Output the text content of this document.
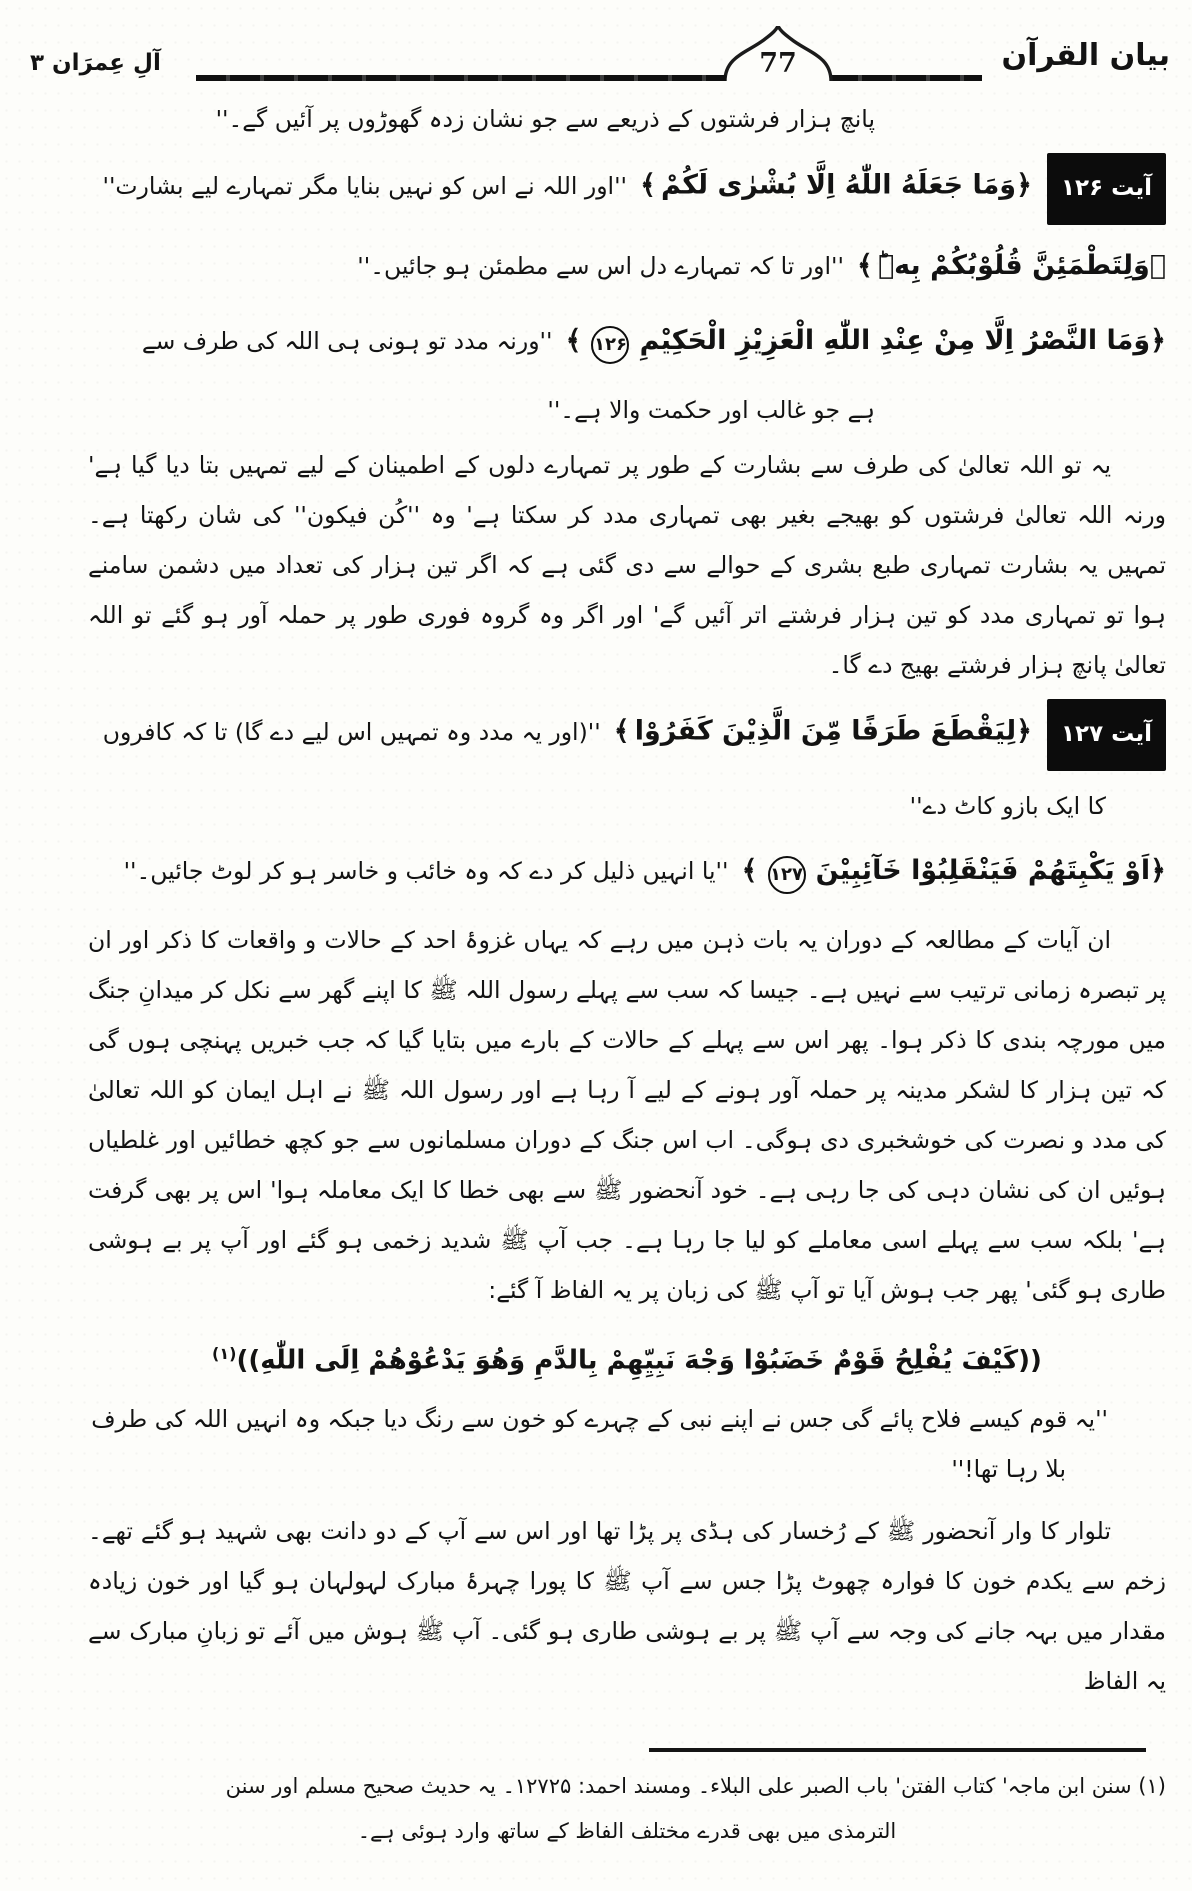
بیان القرآن
77
آلِ عِمرَان ۳
پانچ ہزار فرشتوں کے ذریعے سے جو نشان زدہ گھوڑوں پر آئیں گے۔''
آیت ۱۲۶ ﴿وَمَا جَعَلَهُ اللّٰهُ اِلَّا بُشْرٰی لَكُمْ ﴾ ''اور اللہ نے اس کو نہیں بنایا مگر تمہارے لیے بشارت''
﴿وَلِتَطْمَئِنَّ قُلُوْبُكُمْ بِهٖؕ ﴾ ''اور تا کہ تمہارے دل اس سے مطمئن ہو جائیں۔''
﴿وَمَا النَّصْرُ اِلَّا مِنْ عِنْدِ اللّٰهِ الْعَزِيْزِ الْحَكِيْمِ ۱۲۶ ﴾ ''ورنہ مدد تو ہونی ہی اللہ کی طرف سے
ہے جو غالب اور حکمت والا ہے۔''
یہ تو اللہ تعالیٰ کی طرف سے بشارت کے طور پر تمہارے دلوں کے اطمینان کے لیے تمہیں بتا دیا گیا ہے' ورنہ اللہ تعالیٰ فرشتوں کو بھیجے بغیر بھی تمہاری مدد کر سکتا ہے' وہ ''کُن فیکون'' کی شان رکھتا ہے۔ تمہیں یہ بشارت تمہاری طبع بشری کے حوالے سے دی گئی ہے کہ اگر تین ہزار کی تعداد میں دشمن سامنے ہوا تو تمہاری مدد کو تین ہزار فرشتے اتر آئیں گے' اور اگر وہ گروہ فوری طور پر حملہ آور ہو گئے تو اللہ تعالیٰ پانچ ہزار فرشتے بھیج دے گا۔
آیت ۱۲۷ ﴿لِيَقْطَعَ طَرَفًا مِّنَ الَّذِيْنَ كَفَرُوْا ﴾ ''(اور یہ مدد وہ تمہیں اس لیے دے گا) تا کہ کافروں
کا ایک بازو کاٹ دے''
﴿اَوْ يَكْبِتَهُمْ فَيَنْقَلِبُوْا خَآئِبِيْنَ ۱۲۷ ﴾ ''یا انہیں ذلیل کر دے کہ وہ خائب و خاسر ہو کر لوٹ جائیں۔''
ان آیات کے مطالعہ کے دوران یہ بات ذہن میں رہے کہ یہاں غزوۂ احد کے حالات و واقعات کا ذکر اور ان پر تبصرہ زمانی ترتیب سے نہیں ہے۔ جیسا کہ سب سے پہلے رسول اللہ ﷺ کا اپنے گھر سے نکل کر میدانِ جنگ میں مورچہ بندی کا ذکر ہوا۔ پھر اس سے پہلے کے حالات کے بارے میں بتایا گیا کہ جب خبریں پہنچی ہوں گی کہ تین ہزار کا لشکر مدینہ پر حملہ آور ہونے کے لیے آ رہا ہے اور رسول اللہ ﷺ نے اہل ایمان کو اللہ تعالیٰ کی مدد و نصرت کی خوشخبری دی ہوگی۔ اب اس جنگ کے دوران مسلمانوں سے جو کچھ خطائیں اور غلطیاں ہوئیں ان کی نشان دہی کی جا رہی ہے۔ خود آنحضور ﷺ سے بھی خطا کا ایک معاملہ ہوا' اس پر بھی گرفت ہے' بلکہ سب سے پہلے اسی معاملے کو لیا جا رہا ہے۔ جب آپ ﷺ شدید زخمی ہو گئے اور آپ پر بے ہوشی طاری ہو گئی' پھر جب ہوش آیا تو آپ ﷺ کی زبان پر یہ الفاظ آ گئے:
((كَيْفَ يُفْلِحُ قَوْمٌ خَضَبُوْا وَجْهَ نَبِيِّهِمْ بِالدَّمِ وَهُوَ يَدْعُوْهُمْ اِلَى اللّٰهِ))$^{(۱)}$
''یہ قوم کیسے فلاح پائے گی جس نے اپنے نبی کے چہرے کو خون سے رنگ دیا جبکہ وہ انہیں اللہ کی طرف
بلا رہا تھا!''
تلوار کا وار آنحضور ﷺ کے رُخسار کی ہڈی پر پڑا تھا اور اس سے آپ کے دو دانت بھی شہید ہو گئے تھے۔ زخم سے یکدم خون کا فوارہ چھوٹ پڑا جس سے آپ ﷺ کا پورا چہرۂ مبارک لہولہان ہو گیا اور خون زیادہ مقدار میں بہہ جانے کی وجہ سے آپ ﷺ پر بے ہوشی طاری ہو گئی۔ آپ ﷺ ہوش میں آئے تو زبانِ مبارک سے یہ الفاظ
(۱) سنن ابن ماجہ' کتاب الفتن' باب الصبر علی البلاء۔ ومسند احمد: ۱۲۷۲۵۔ یہ حدیث صحیح مسلم اور سنن
الترمذی میں بھی قدرے مختلف الفاظ کے ساتھ وارد ہوئی ہے۔
